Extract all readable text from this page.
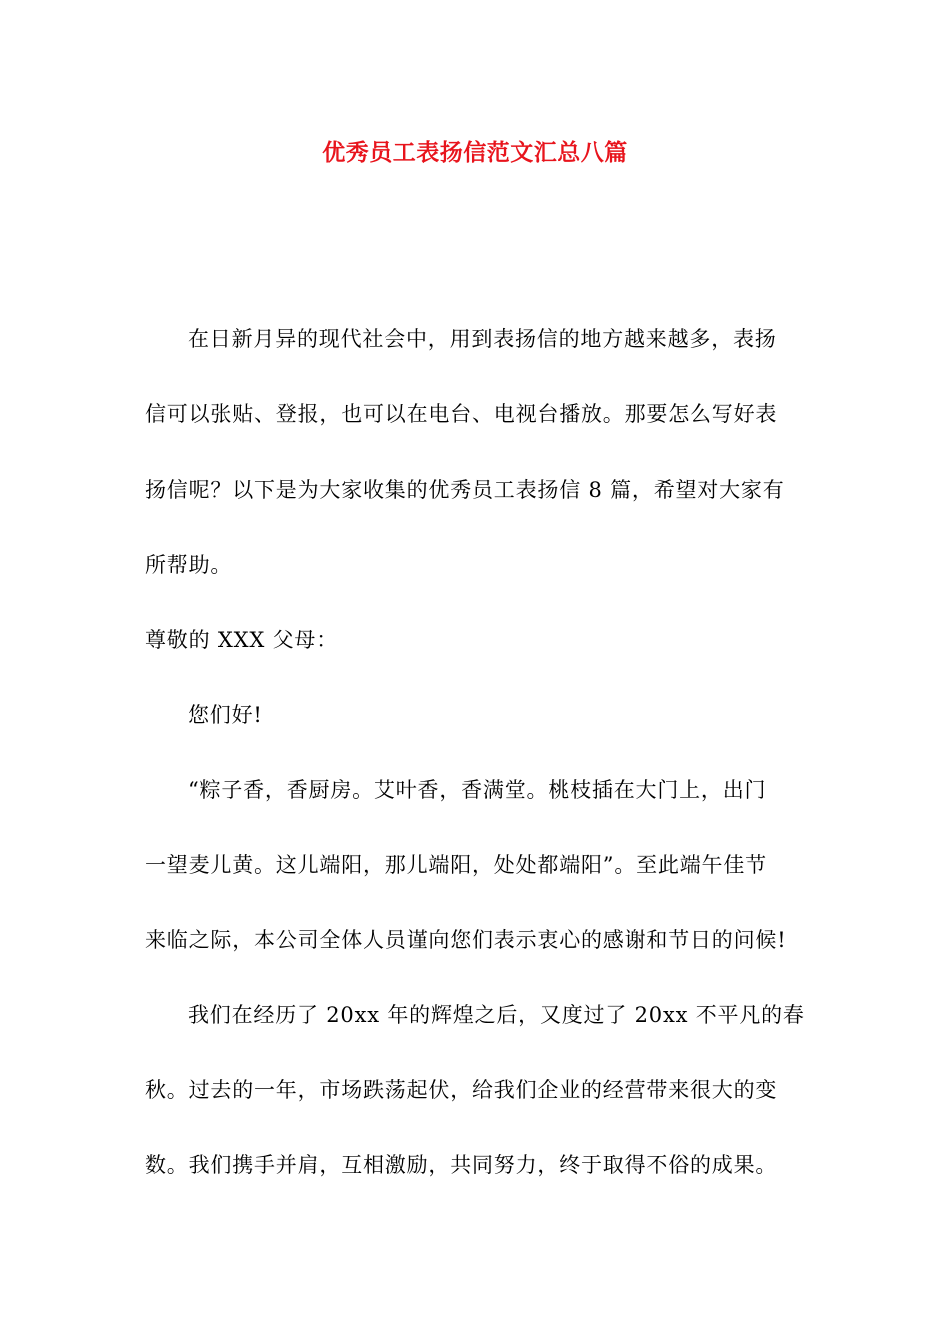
优秀员工表扬信范文汇总八篇
在日新月异的现代社会中，用到表扬信的地方越来越多，表扬
信可以张贴、登报，也可以在电台、电视台播放。那要怎么写好表
扬信呢？以下是为大家收集的优秀员工表扬信 8 篇，希望对大家有
所帮助。
尊敬的 XXX 父母：
您们好!
“粽子香，香厨房。艾叶香，香满堂。桃枝插在大门上，出门
一望麦儿黄。这儿端阳，那儿端阳，处处都端阳”。至此端午佳节
来临之际，本公司全体人员谨向您们表示衷心的感谢和节日的问候!
我们在经历了 20xx 年的辉煌之后，又度过了 20xx 不平凡的春
秋。过去的一年，市场跌荡起伏，给我们企业的经营带来很大的变
数。我们携手并肩，互相激励，共同努力，终于取得不俗的成果。
